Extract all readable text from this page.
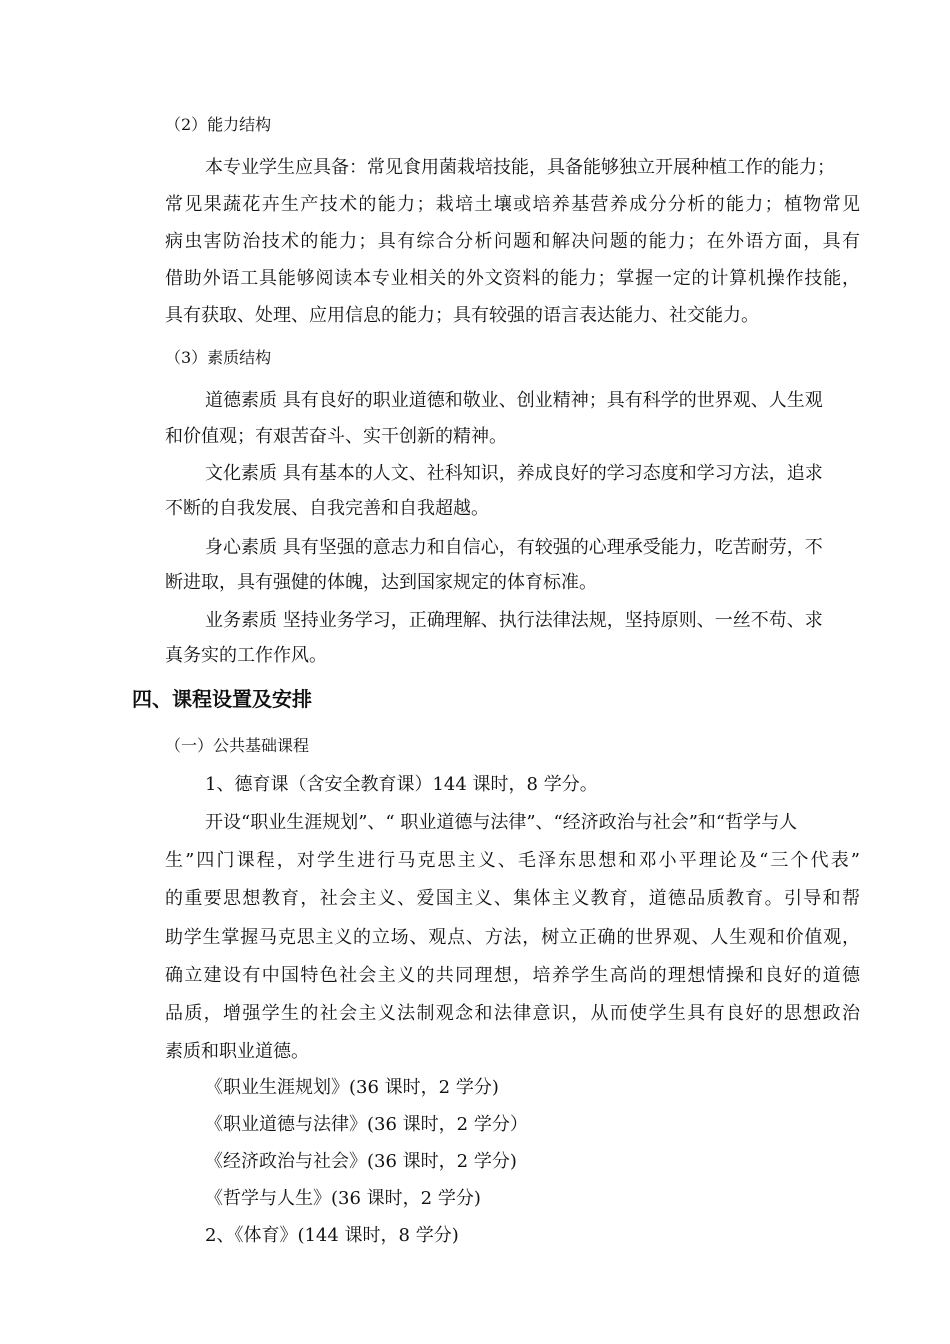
（2）能力结构
本专业学生应具备：常见食用菌栽培技能，具备能够独立开展种植工作的能力；
常见果蔬花卉生产技术的能力；栽培土壤或培养基营养成分分析的能力；植物常见
病虫害防治技术的能力；具有综合分析问题和解决问题的能力；在外语方面，具有
借助外语工具能够阅读本专业相关的外文资料的能力；掌握一定的计算机操作技能，
具有获取、处理、应用信息的能力；具有较强的语言表达能力、社交能力。
（3）素质结构
道德素质 具有良好的职业道德和敬业、创业精神；具有科学的世界观、人生观
和价值观；有艰苦奋斗、实干创新的精神。
文化素质 具有基本的人文、社科知识，养成良好的学习态度和学习方法，追求
不断的自我发展、自我完善和自我超越。
身心素质 具有坚强的意志力和自信心，有较强的心理承受能力，吃苦耐劳，不
断进取，具有强健的体魄，达到国家规定的体育标准。
业务素质 坚持业务学习，正确理解、执行法律法规，坚持原则、一丝不苟、求
真务实的工作作风。
四、课程设置及安排
（一）公共基础课程
1、德育课（含安全教育课）144 课时，8 学分。
开设“职业生涯规划”、“ 职业道德与法律”、“经济政治与社会”和“哲学与人
生”四门课程，对学生进行马克思主义、毛泽东思想和邓小平理论及“三个代表”
的重要思想教育，社会主义、爱国主义、集体主义教育，道德品质教育。引导和帮
助学生掌握马克思主义的立场、观点、方法，树立正确的世界观、人生观和价值观，
确立建设有中国特色社会主义的共同理想，培养学生高尚的理想情操和良好的道德
品质，增强学生的社会主义法制观念和法律意识，从而使学生具有良好的思想政治
素质和职业道德。
《职业生涯规划》(36 课时，2 学分)
《职业道德与法律》(36 课时，2 学分）
《经济政治与社会》(36 课时，2 学分)
《哲学与人生》(36 课时，2 学分)
2、《体育》(144 课时，8 学分)
